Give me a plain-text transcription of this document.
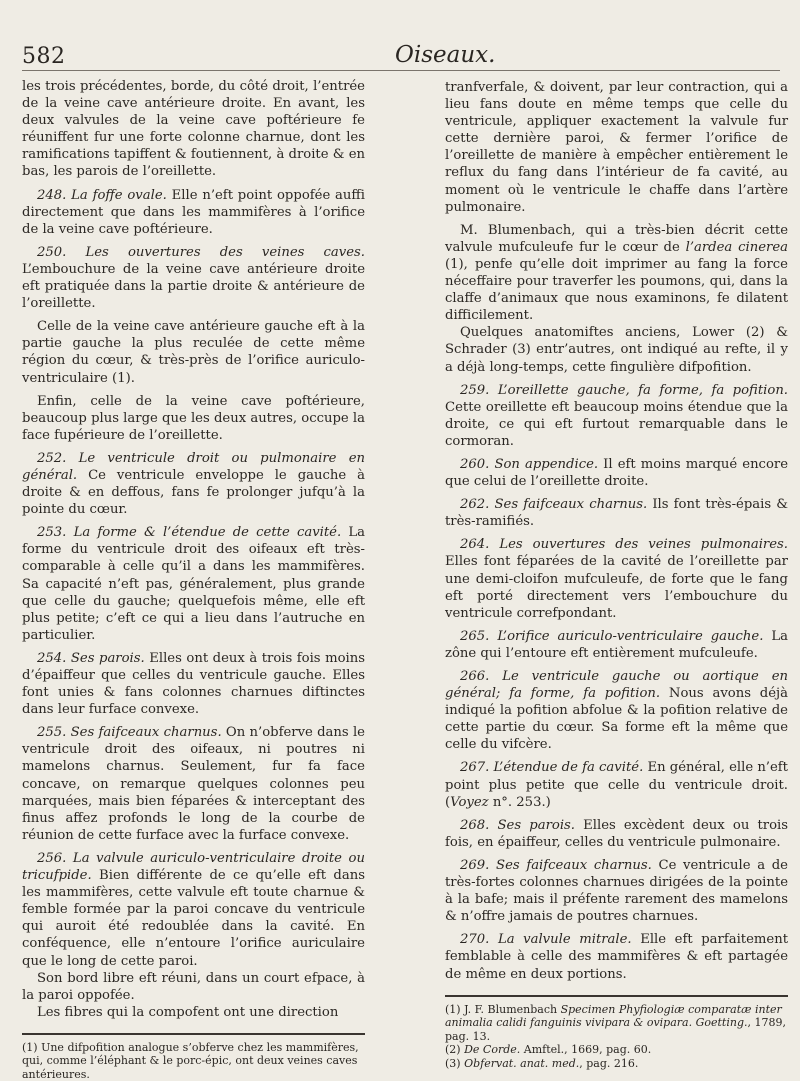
582	Oiseaux.

les trois précédentes, borde, du côté droit, l’entrée de la veine cave antérieure droite. En avant, les deux valvules de la veine cave poftérieure fe réuniffent fur une forte colonne charnue, dont les ramifications tapiffent & foutiennent, à droite & en bas, les parois de l’oreillette.

248. La foffe ovale. Elle n’eft point oppofée auffi directement que dans les mammifères à l’orifice de la veine cave poftérieure.

250. Les ouvertures des veines caves. L’embouchure de la veine cave antérieure droite eft pratiquée dans la partie droite & antérieure de l’oreillette.

Celle de la veine cave antérieure gauche eft à la partie gauche la plus reculée de cette même région du cœur, & très-près de l’orifice auriculo-ventriculaire (1).

Enfin, celle de la veine cave poftérieure, beaucoup plus large que les deux autres, occupe la face fupérieure de l’oreillette.

252. Le ventricule droit ou pulmonaire en général. Ce ventricule enveloppe le gauche à droite & en deffous, fans fe prolonger jufqu’à la pointe du cœur.

253. La forme & l’étendue de cette cavité. La forme du ventricule droit des oifeaux eft très-comparable à celle qu’il a dans les mammifères. Sa capacité n’eft pas, généralement, plus grande que celle du gauche; quelquefois même, elle eft plus petite; c’eft ce qui a lieu dans l’autruche en particulier.

254. Ses parois. Elles ont deux à trois fois moins d’épaiffeur que celles du ventricule gauche. Elles font unies & fans colonnes charnues diftinctes dans leur furface convexe.

255. Ses faifceaux charnus. On n’obferve dans le ventricule droit des oifeaux, ni poutres ni mamelons charnus. Seulement, fur fa face concave, on remarque quelques colonnes peu marquées, mais bien féparées & interceptant des finus affez profonds le long de la courbe de réunion de cette furface avec la furface convexe.

256. La valvule auriculo-ventriculaire droite ou tricufpide. Bien différente de ce qu’elle eft dans les mammifères, cette valvule eft toute charnue & femble formée par la paroi concave du ventricule qui auroit été redoublée dans la cavité. En conféquence, elle n’entoure l’orifice auriculaire que le long de cette paroi.

Son bord libre eft réuni, dans un court efpace, à la paroi oppofée.

Les fibres qui la compofent ont une direction

(1) Une difpofition analogue s’obferve chez les mammifères, qui, comme l’éléphant & le porc-épic, ont deux veines caves antérieures.

tranfverfale, & doivent, par leur contraction, qui a lieu fans doute en même temps que celle du ventricule, appliquer exactement la valvule fur cette dernière paroi, & fermer l’orifice de l’oreillette de manière à empêcher entièrement le reflux du fang dans l’intérieur de fa cavité, au moment où le ventricule le chaffe dans l’artère pulmonaire.

M. Blumenbach, qui a très-bien décrit cette valvule mufculeufe fur le cœur de l’ardea cinerea (1), penfe qu’elle doit imprimer au fang la force néceffaire pour traverfer les poumons, qui, dans la claffe d’animaux que nous examinons, fe dilatent difficilement.

Quelques anatomiftes anciens, Lower (2) & Schrader (3) entr’autres, ont indiqué au refte, il y a déjà long-temps, cette fingulière difpofition.

259. L’oreillette gauche, fa forme, fa pofition. Cette oreillette eft beaucoup moins étendue que la droite, ce qui eft furtout remarquable dans le cormoran.

260. Son appendice. Il eft moins marqué encore que celui de l’oreillette droite.

262. Ses faifceaux charnus. Ils font très-épais & très-ramifiés.

264. Les ouvertures des veines pulmonaires. Elles font féparées de la cavité de l’oreillette par une demi-cloifon mufculeufe, de forte que le fang eft porté directement vers l’embouchure du ventricule correfpondant.

265. L’orifice auriculo-ventriculaire gauche. La zône qui l’entoure eft entièrement mufculeufe.

266. Le ventricule gauche ou aortique en général; fa forme, fa pofition. Nous avons déjà indiqué la pofition abfolue & la pofition relative de cette partie du cœur. Sa forme eft la même que celle du vifcère.

267. L’étendue de fa cavité. En général, elle n’eft point plus petite que celle du ventricule droit. (Voyez n°. 253.)

268. Ses parois. Elles excèdent deux ou trois fois, en épaiffeur, celles du ventricule pulmonaire.

269. Ses faifceaux charnus. Ce ventricule a de très-fortes colonnes charnues dirigées de la pointe à la bafe; mais il préfente rarement des mamelons & n’offre jamais de poutres charnues.

270. La valvule mitrale. Elle eft parfaitement femblable à celle des mammifères & eft partagée de même en deux portions.

(1) J. F. Blumenbach Specimen Phyfiologiæ comparatæ inter animalia calidi fanguinis vivipara & ovipara. Goetting., 1789, pag. 13.

(2) De Corde. Amftel., 1669, pag. 60.

(3) Obfervat. anat. med., pag. 216.
